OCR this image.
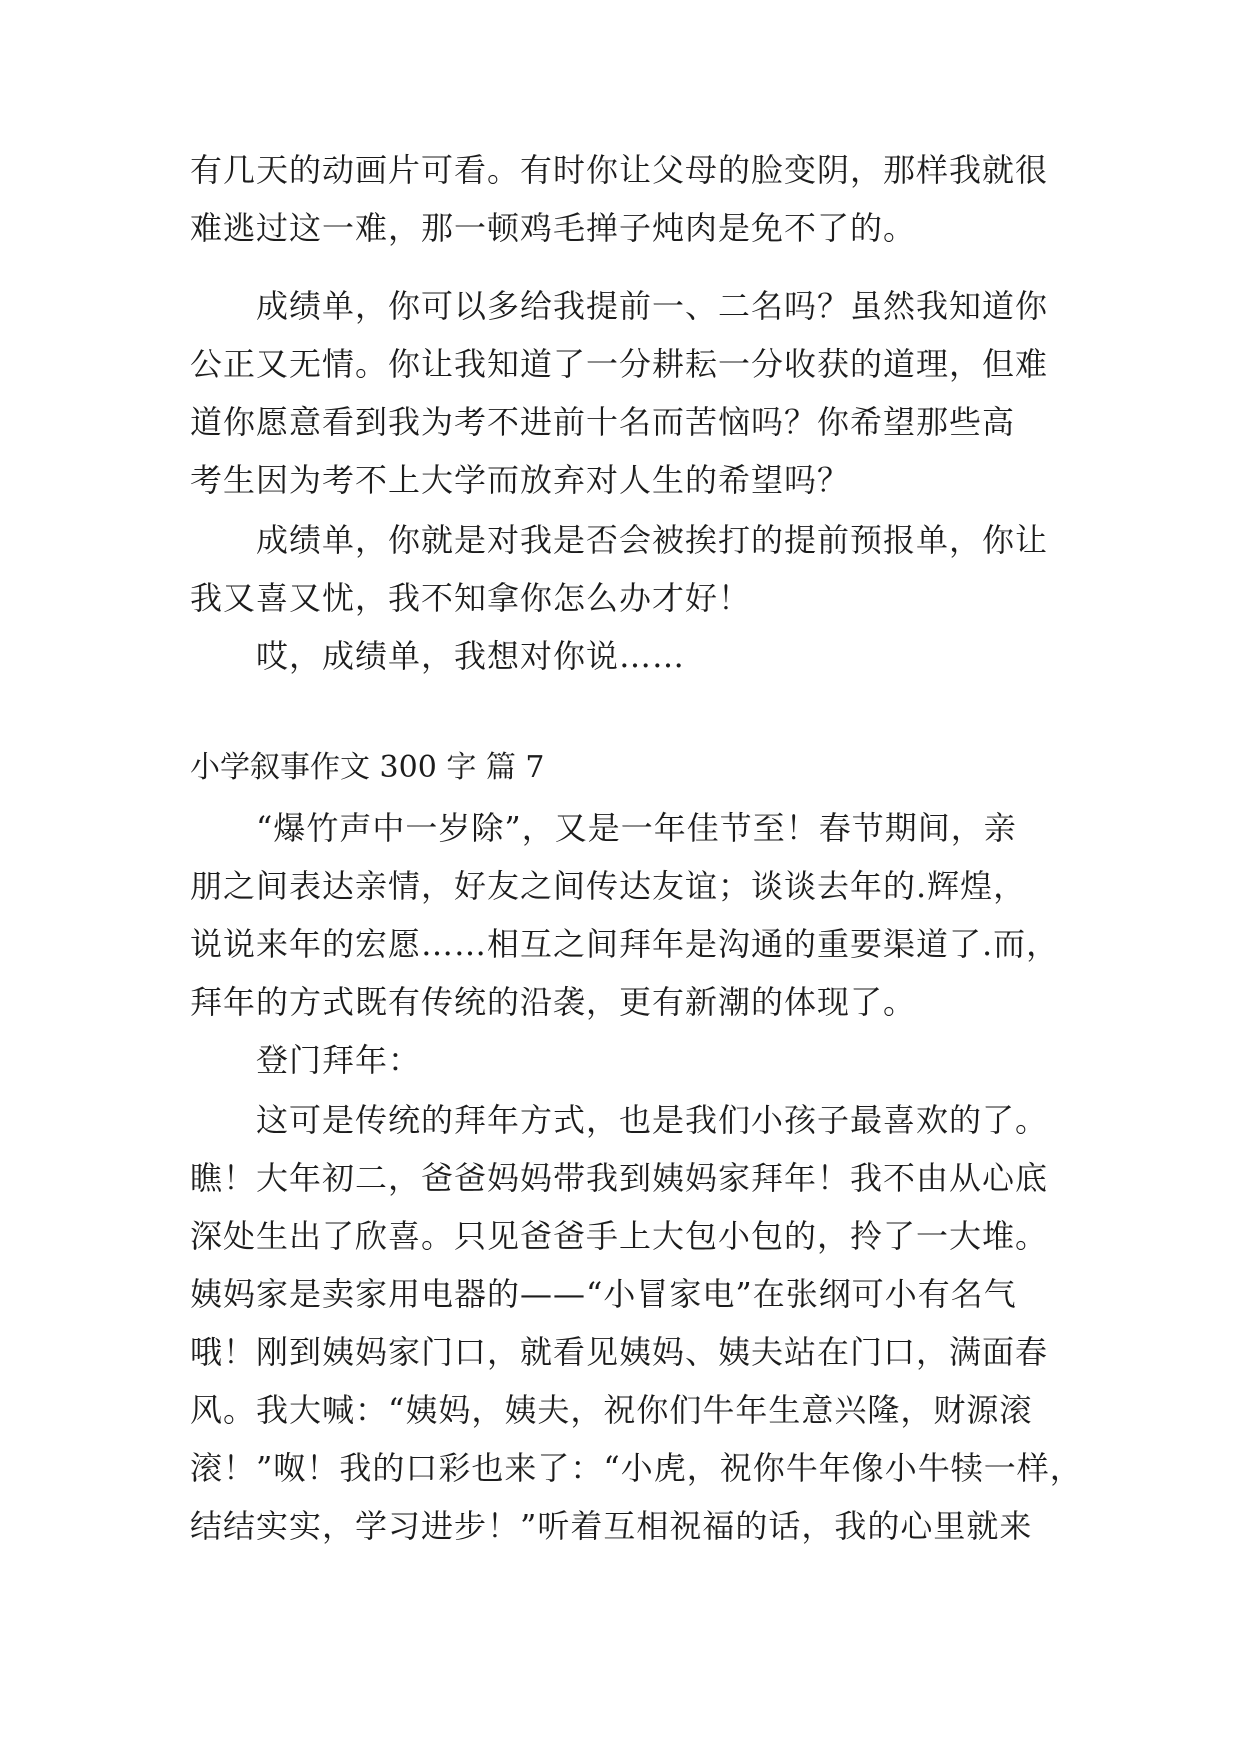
有几天的动画片可看。有时你让父母的脸变阴，那样我就很
难逃过这一难，那一顿鸡毛掸子炖肉是免不了的。
成绩单，你可以多给我提前一、二名吗？虽然我知道你
公正又无情。你让我知道了一分耕耘一分收获的道理，但难
道你愿意看到我为考不进前十名而苦恼吗？你希望那些高
考生因为考不上大学而放弃对人生的希望吗？
成绩单，你就是对我是否会被挨打的提前预报单，你让
我又喜又忧，我不知拿你怎么办才好！
哎，成绩单，我想对你说……
小学叙事作文 300 字 篇 7
“爆竹声中一岁除”，又是一年佳节至！春节期间，亲
朋之间表达亲情，好友之间传达友谊；谈谈去年的.辉煌，
说说来年的宏愿……相互之间拜年是沟通的重要渠道了.而，
拜年的方式既有传统的沿袭，更有新潮的体现了。
登门拜年：
这可是传统的拜年方式，也是我们小孩子最喜欢的了。
瞧！大年初二，爸爸妈妈带我到姨妈家拜年！我不由从心底
深处生出了欣喜。只见爸爸手上大包小包的，拎了一大堆。
姨妈家是卖家用电器的——“小冒家电”在张纲可小有名气
哦！刚到姨妈家门口，就看见姨妈、姨夫站在门口，满面春
风。我大喊：“姨妈，姨夫，祝你们牛年生意兴隆，财源滚
滚！”呶！我的口彩也来了：“小虎，祝你牛年像小牛犊一样，
结结实实，学习进步！”听着互相祝福的话，我的心里就来
